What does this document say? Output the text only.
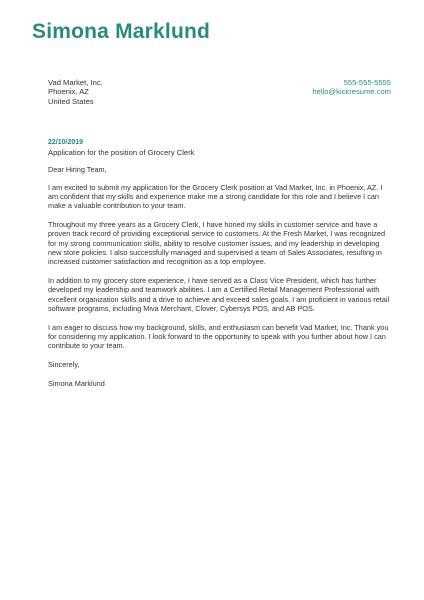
Simona Marklund
Vad Market, Inc.
Phoenix, AZ
United States
555-555-5555
hello@kickresume.com
22/10/2019
Application for the position of Grocery Clerk

Dear Hiring Team,

I am excited to submit my application for the Grocery Clerk position at Vad Market, Inc. in Phoenix, AZ. I am confident that my skills and experience make me a strong candidate for this role and I believe I can make a valuable contribution to your team.

Throughout my three years as a Grocery Clerk, I have honed my skills in customer service and have a proven track record of providing exceptional service to customers. At the Fresh Market, I was recognized for my strong communication skills, ability to resolve customer issues, and my leadership in developing new store policies. I also successfully managed and supervised a team of Sales Associates, resulting in increased customer satisfaction and recognition as a top employee.

In addition to my grocery store experience, I have served as a Class Vice President, which has further developed my leadership and teamwork abilities. I am a Certified Retail Management Professional with excellent organization skills and a drive to achieve and exceed sales goals. I am proficient in various retail software programs, including Miva Merchant, Clover, Cybersys POS, and AB POS.

I am eager to discuss how my background, skills, and enthusiasm can benefit Vad Market, Inc. Thank you for considering my application. I look forward to the opportunity to speak with you further about how I can contribute to your team.

Sincerely,

Simona Marklund
